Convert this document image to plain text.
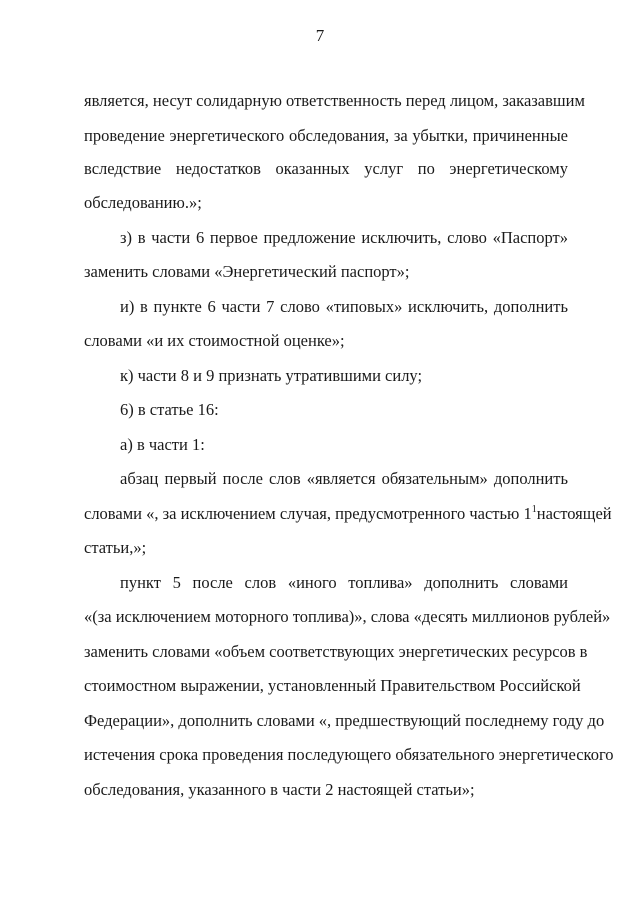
7
является, несут солидарную ответственность перед лицом, заказавшим
проведение энергетического обследования, за убытки, причиненные
вследствие недостатков оказанных услуг по энергетическому
обследованию.»;
з) в части 6 первое предложение исключить, слово «Паспорт»
заменить словами «Энергетический паспорт»;
и) в пункте 6 части 7 слово «типовых» исключить, дополнить
словами «и их стоимостной оценке»;
к) части 8 и 9 признать утратившими силу;
6) в статье 16:
а) в части 1:
абзац первый после слов «является обязательным» дополнить
словами «, за исключением случая, предусмотренного частью $1^1$ настоящей
статьи,»;
пункт 5 после слов «иного топлива» дополнить словами
«(за исключением моторного топлива)», слова «десять миллионов рублей»
заменить словами «объем соответствующих энергетических ресурсов в
стоимостном выражении, установленный Правительством Российской
Федерации», дополнить словами «, предшествующий последнему году до
истечения срока проведения последующего обязательного энергетического
обследования, указанного в части 2 настоящей статьи»;
